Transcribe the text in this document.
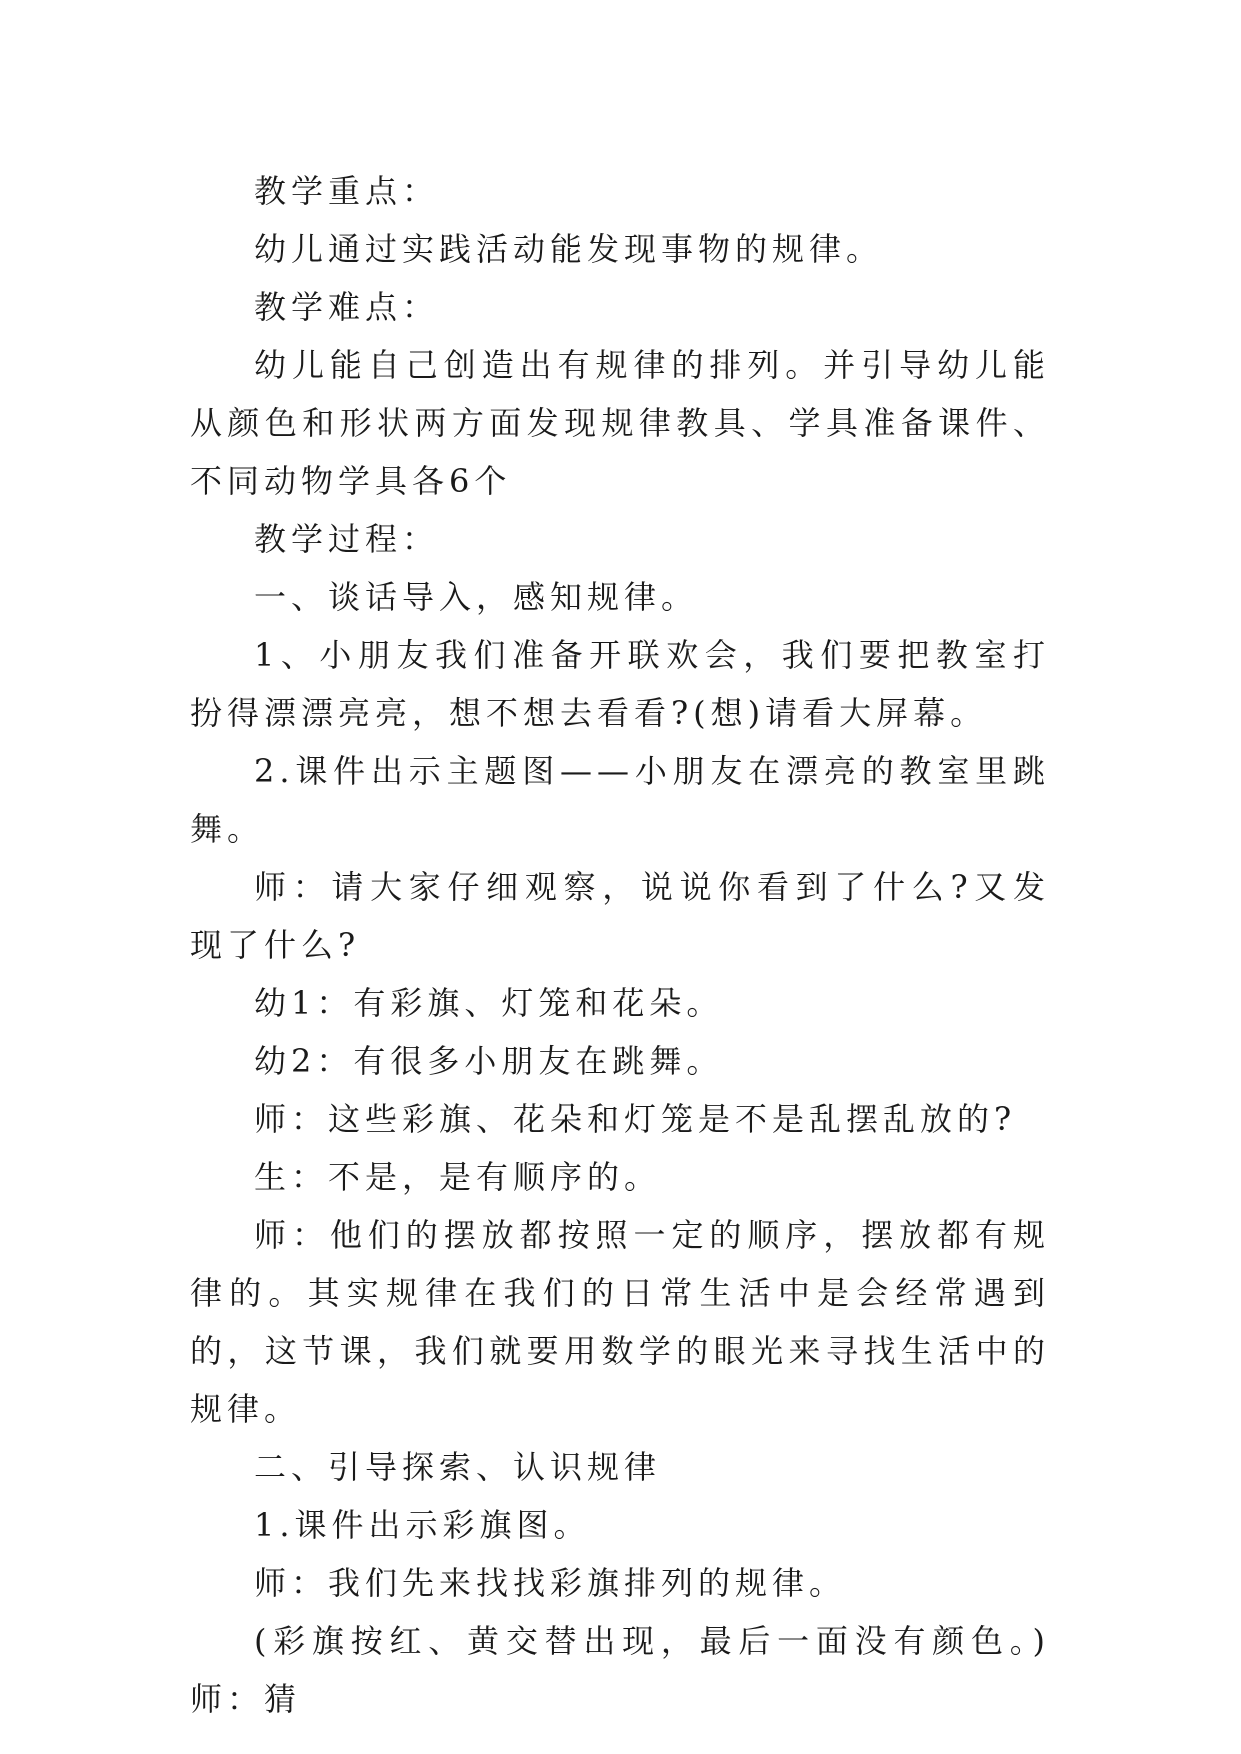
教学重点：

幼儿通过实践活动能发现事物的规律。

教学难点：

幼儿能自己创造出有规律的排列。并引导幼儿能从颜色和形状两方面发现规律教具、学具准备课件、不同动物学具各6个

教学过程：

一、谈话导入，感知规律。

1、小朋友我们准备开联欢会，我们要把教室打扮得漂漂亮亮，想不想去看看?(想)请看大屏幕。

2.课件出示主题图——小朋友在漂亮的教室里跳舞。

师：请大家仔细观察，说说你看到了什么?又发现了什么?

幼1：有彩旗、灯笼和花朵。

幼2：有很多小朋友在跳舞。

师：这些彩旗、花朵和灯笼是不是乱摆乱放的?

生：不是，是有顺序的。

师：他们的摆放都按照一定的顺序，摆放都有规律的。其实规律在我们的日常生活中是会经常遇到的，这节课，我们就要用数学的眼光来寻找生活中的规律。

二、引导探索、认识规律

1.课件出示彩旗图。

师：我们先来找找彩旗排列的规律。

(彩旗按红、黄交替出现，最后一面没有颜色。)师：猜
